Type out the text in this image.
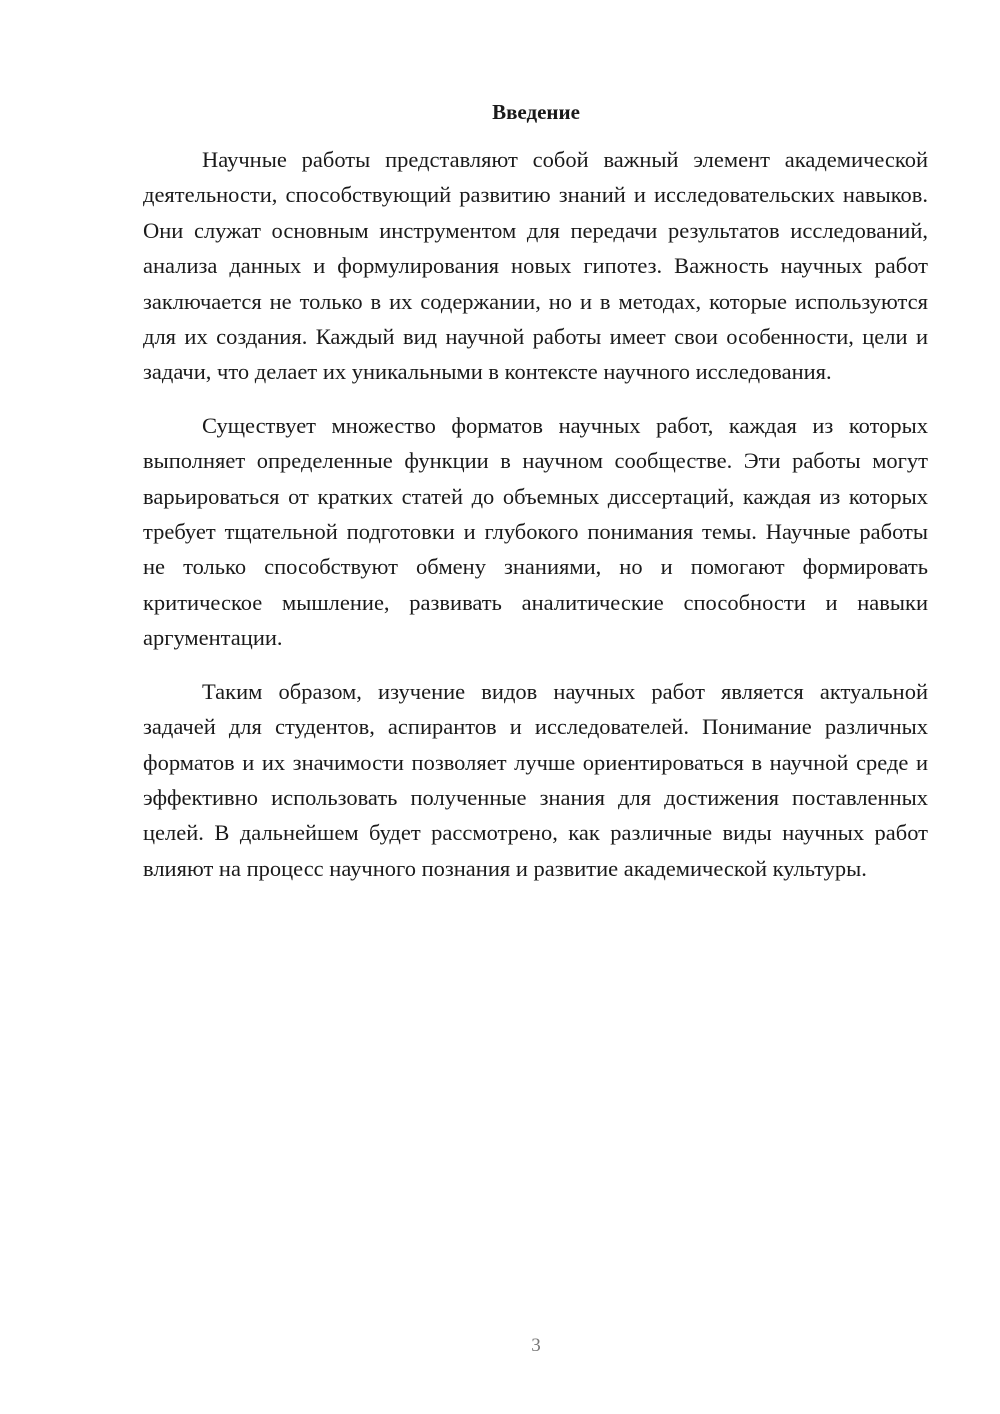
Введение

Научные работы представляют собой важный элемент академической деятельности, способствующий развитию знаний и исследовательских навыков. Они служат основным инструментом для передачи результатов исследований, анализа данных и формулирования новых гипотез. Важность научных работ заключается не только в их содержании, но и в методах, которые используются для их создания. Каждый вид научной работы имеет свои особенности, цели и задачи, что делает их уникальными в контексте научного исследования.

Существует множество форматов научных работ, каждая из которых выполняет определенные функции в научном сообществе. Эти работы могут варьироваться от кратких статей до объемных диссертаций, каждая из которых требует тщательной подготовки и глубокого понимания темы. Научные работы не только способствуют обмену знаниями, но и помогают формировать критическое мышление, развивать аналитические способности и навыки аргументации.

Таким образом, изучение видов научных работ является актуальной задачей для студентов, аспирантов и исследователей. Понимание различных форматов и их значимости позволяет лучше ориентироваться в научной среде и эффективно использовать полученные знания для достижения поставленных целей. В дальнейшем будет рассмотрено, как различные виды научных работ влияют на процесс научного познания и развитие академической культуры.

3
